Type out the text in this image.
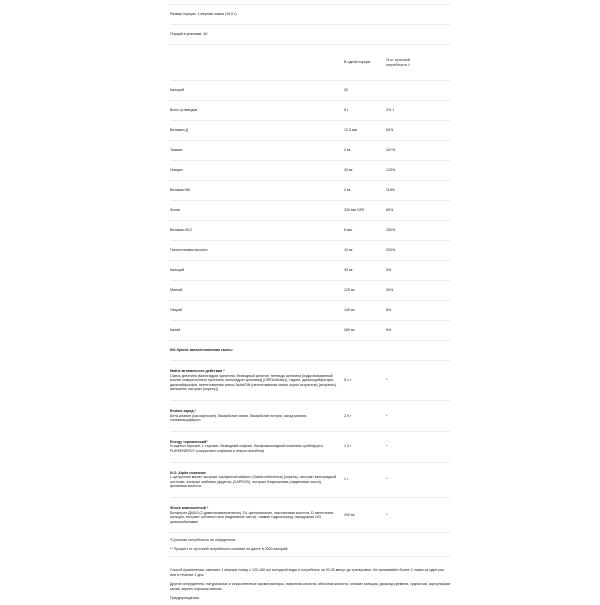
Размер порции: 1 мерная ложка (16.5 г)
Порций в упаковке: 30
В одной порции
% от суточной потребности †
Калорий	20
Всего углеводов	5 г	2% †
Витамин Д	12.5 мкг	63%
Тиамин	2 мг	167%
Ниацин	20 мг	125%
Витамин В6	2 мг	118%
Фолат	330 мкг DFE	83%
Витамин В12	6 мкг	250%
Пантотеновая кислота	10 мг	200%
Кальций	40 мг	3%
Магний	125 мг	30%
Натрий	140 мг	6%
Калий	280 мг	6%
NO-Xplode запатентованная смесь:
Matrix мгновенного действия *
Смесь креатина (моногидрат креатина, безводный креатин, пептиды креатина [гидролизованный изолят сывороточного протеина, моногидрат креатина] (CRËActivate)), таурин, дикальцийфосфат, дикалийфосфат, патентованная смесь AstraGIN (патентованная смесь корня астрагала) [астрагал], женьшень экстракт [корень])
5,1 г	*
Endura заряд *
Бета-аланин (как карнозин), бикарбонат калия, бикарбонат натрия, оксид магния, холекальциферол
2,9 г	*
Energy термический*
N-ацетил-тирозин, L-тирозин, безводный кофеин, биофлавоноидный комплекс грейпфрута, PUREENERGY (сокристалл кофеина и птеростильбена)
1,3 г	*
N.O. Alpha сжигание
L-цитруллин малат, экстракт шалфея китайского (Salvia miltiorrhiza) (корень), экстракт виноградной косточки, экстракт жабника (фрукты) (CAPROS), экстракт боярышника (надземные части), фолиевая кислота
1 г	*
Shock композитный *
Битартрат ДМАЭ (2-диметиламиноэтанол), DL-фенилаланин, никотиновая кислота, D-пантотенат кальция, экстракт губчатого мха (надземные части), тиамин гидрохлорид, пиридоксин HCl, цианокобаламин
290 мг	*

*Суточная потребность не определена.

** Процент от суточной потребности основан на диете в 2000 калорий.

Способ применения: смешать 1 мерную ложку с 120-180 мл холодной воды и потреблять за 20-30 минут до тренировки. Не принимайте более 2 ложек за один раз или в течение 1 дня.

Другие ингредиенты: натуральные и искусственные ароматизаторы, лимонная кислота, яблочная кислота, силикат кальция, диоксид кремния, сукралоза, ацесульфам калия, корень порошок свеклы.

Предупреждения.
